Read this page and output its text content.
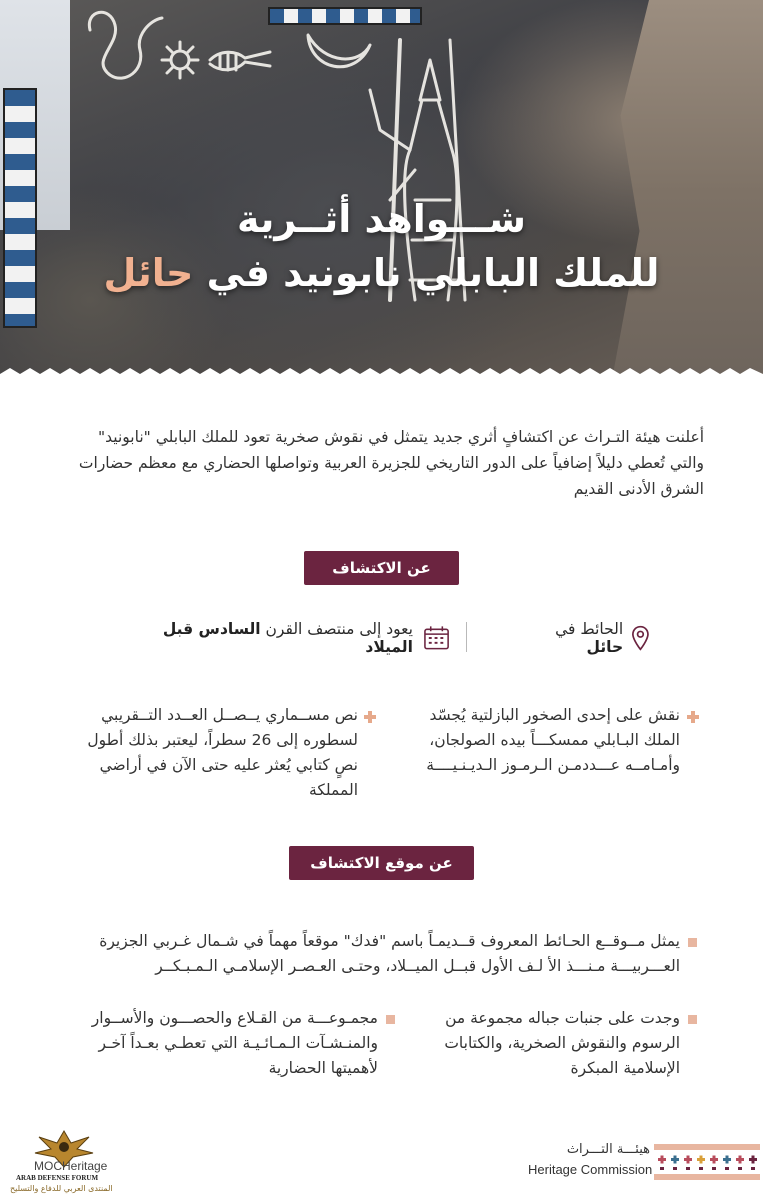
شـــواهد أثــرية
للملك البابلي نابونيد في حائل
أعلنت هيئة التـراث عن اكتشافٍ أثري جديد يتمثل في نقوش صخرية تعود للملك البابلي "نابونيد"
والتي تُعطي دليلاً إضافياً على الدور التاريخي للجزيرة العربية وتواصلها الحضاري مع معظم حضارات
الشرق الأدنى القديم
عن الاكتشاف الأثري
الحائط في حائل
يعود إلى منتصف القرن السادس قبل الميلاد
نقش على إحدى الصخور البازلتية يُجسّد
الملك البـابلي ممسكـــاً بيده الصولجان،
وأمـامــه عـــددمـن الـرمـوز الـديـنـيــــة
نص مســماري يــصــل العــدد التــقريبي
لسطوره إلى 26 سطراً، ليعتبر بذلك أطول
نصٍ كتابي يُعثر عليه حتى الآن في أراضي المملكة
عن موقع الاكتشاف الأثري
يمثل مــوقــع الحـائط المعروف قــديمـاً باسم "فدك" موقعاً مهماً في شـمال غـربي الجزيرة
العـــربيـــة مـنـــذ الأ لـف الأول قبــل الميــلاد، وحتـى العـصـر الإسلامـي الـمـبـكــر
وجدت على جنبات جباله مجموعة من
الرسوم والنقوش الصخرية، والكتابات
الإسلامية المبكرة
مجمـوعـــة من القـلاع والحصـــون والأســوار
والمنـشـآت الـمـائـيـة التي تعطـي بعـداً آخـر
لأهميتها الحضارية
MOCHeritage
ARAB DEFENSE FORUM
المنتدى العربي للدفاع والتسليح
هيئـــة التـــراث
Heritage Commission
